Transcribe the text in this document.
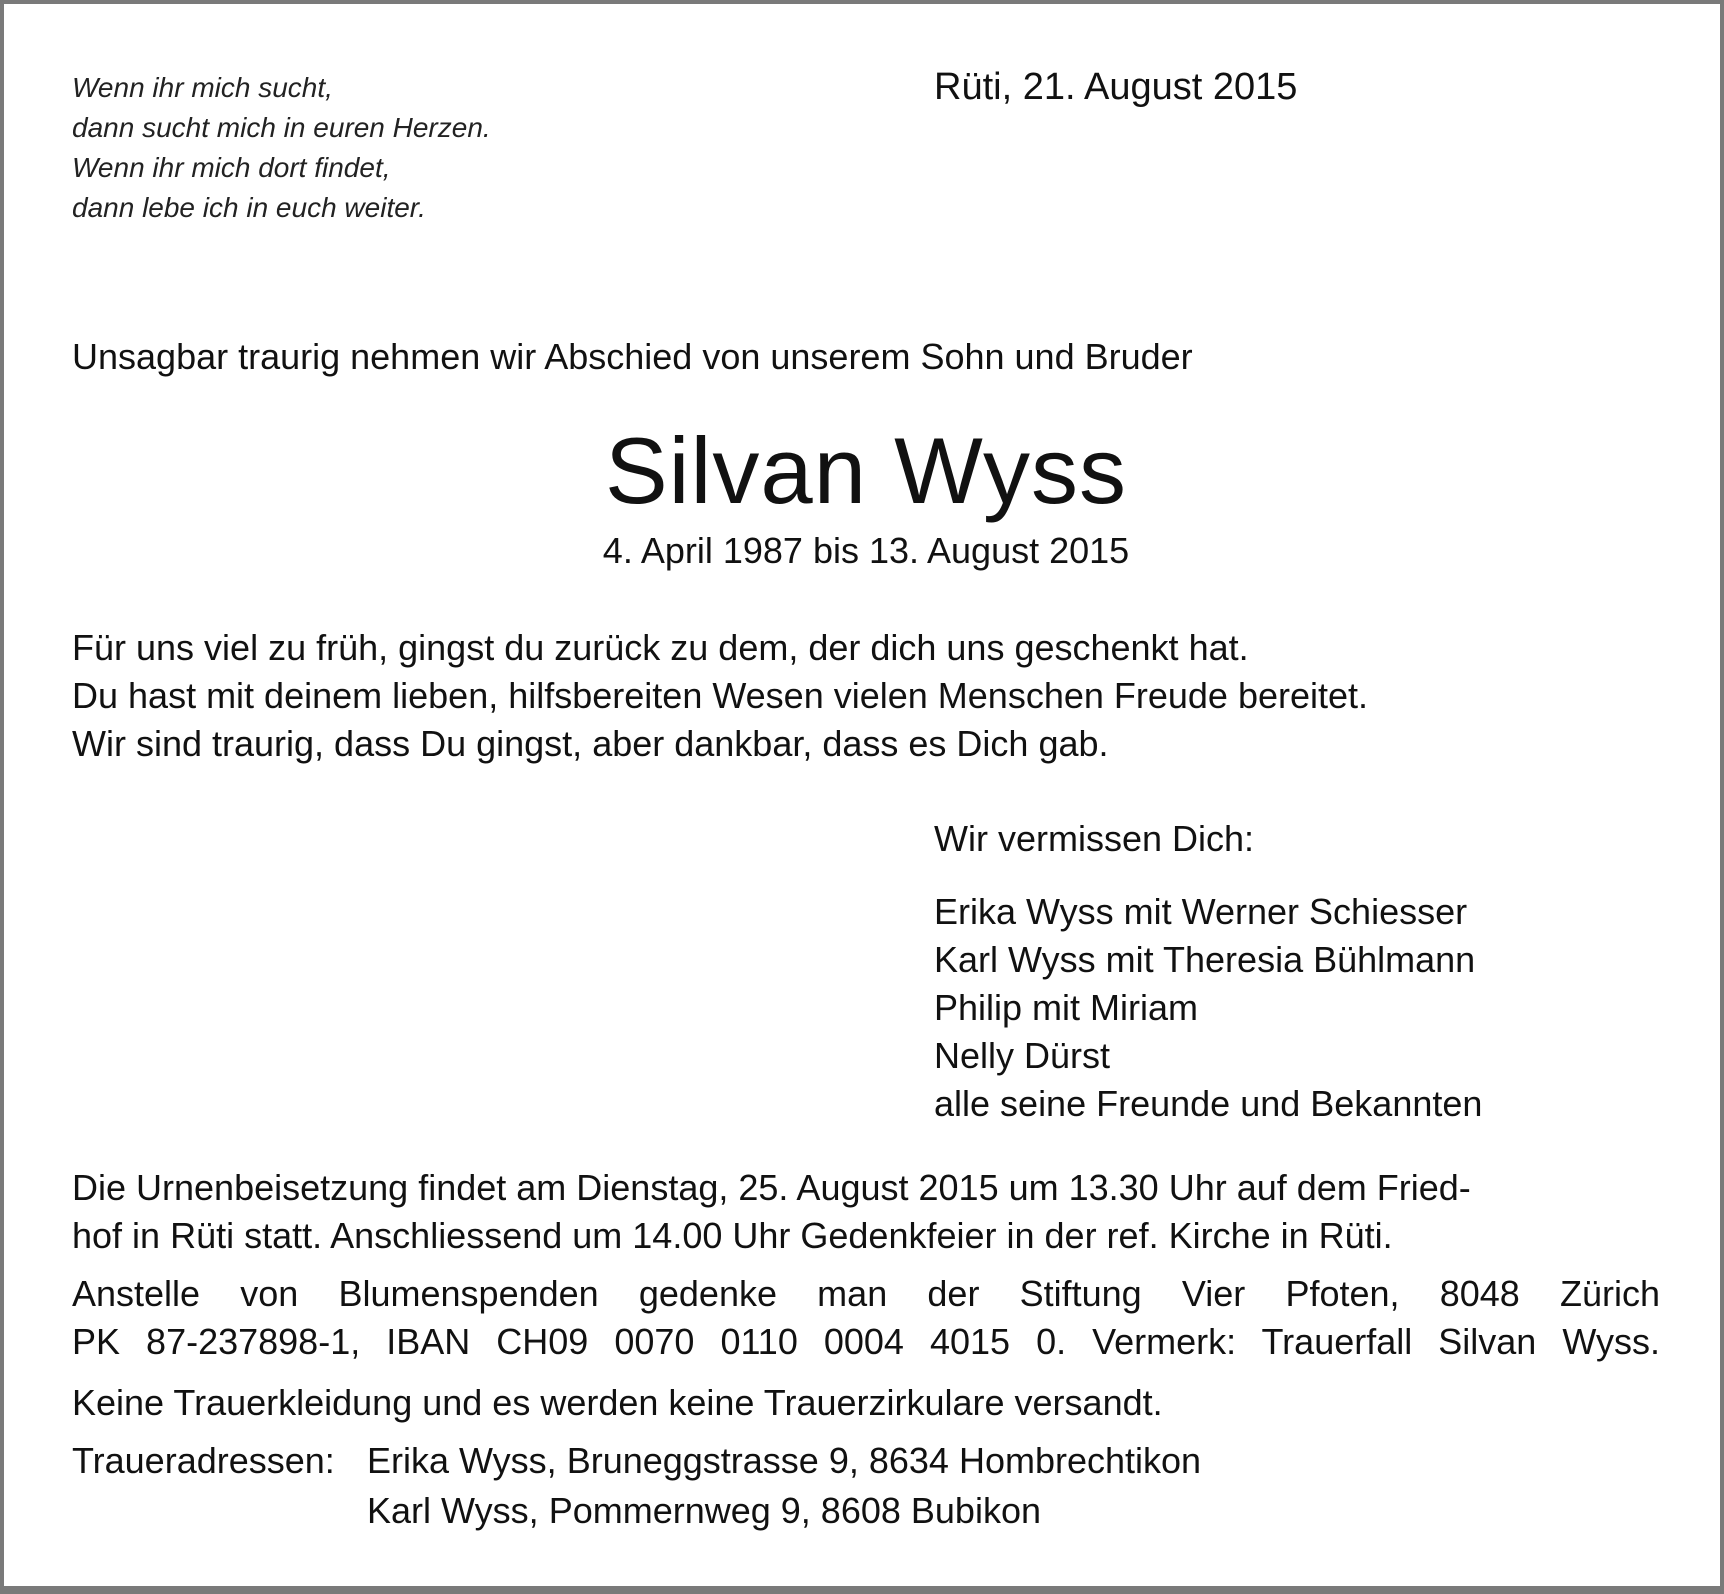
Wenn ihr mich sucht,
dann sucht mich in euren Herzen.
Wenn ihr mich dort findet,
dann lebe ich in euch weiter.
Rüti, 21. August 2015
Unsagbar traurig nehmen wir Abschied von unserem Sohn und Bruder
Silvan Wyss
4. April 1987 bis 13. August 2015
Für uns viel zu früh, gingst du zurück zu dem, der dich uns geschenkt hat.
Du hast mit deinem lieben, hilfsbereiten Wesen vielen Menschen Freude bereitet.
Wir sind traurig, dass Du gingst, aber dankbar, dass es Dich gab.
Wir vermissen Dich:
Erika Wyss mit Werner Schiesser
Karl Wyss mit Theresia Bühlmann
Philip mit Miriam
Nelly Dürst
alle seine Freunde und Bekannten
Die Urnenbeisetzung findet am Dienstag, 25. August 2015 um 13.30 Uhr auf dem Fried-
hof in Rüti statt. Anschliessend um 14.00 Uhr Gedenkfeier in der ref. Kirche in Rüti.
Anstelle von Blumenspenden gedenke man der Stiftung Vier Pfoten, 8048 Zürich
PK 87-237898-1, IBAN CH09 0070 0110 0004 4015 0. Vermerk: Trauerfall Silvan Wyss.
Keine Trauerkleidung und es werden keine Trauerzirkulare versandt.
Traueradressen: Erika Wyss, Bruneggstrasse 9, 8634 Hombrechtikon
Karl Wyss, Pommernweg 9, 8608 Bubikon
